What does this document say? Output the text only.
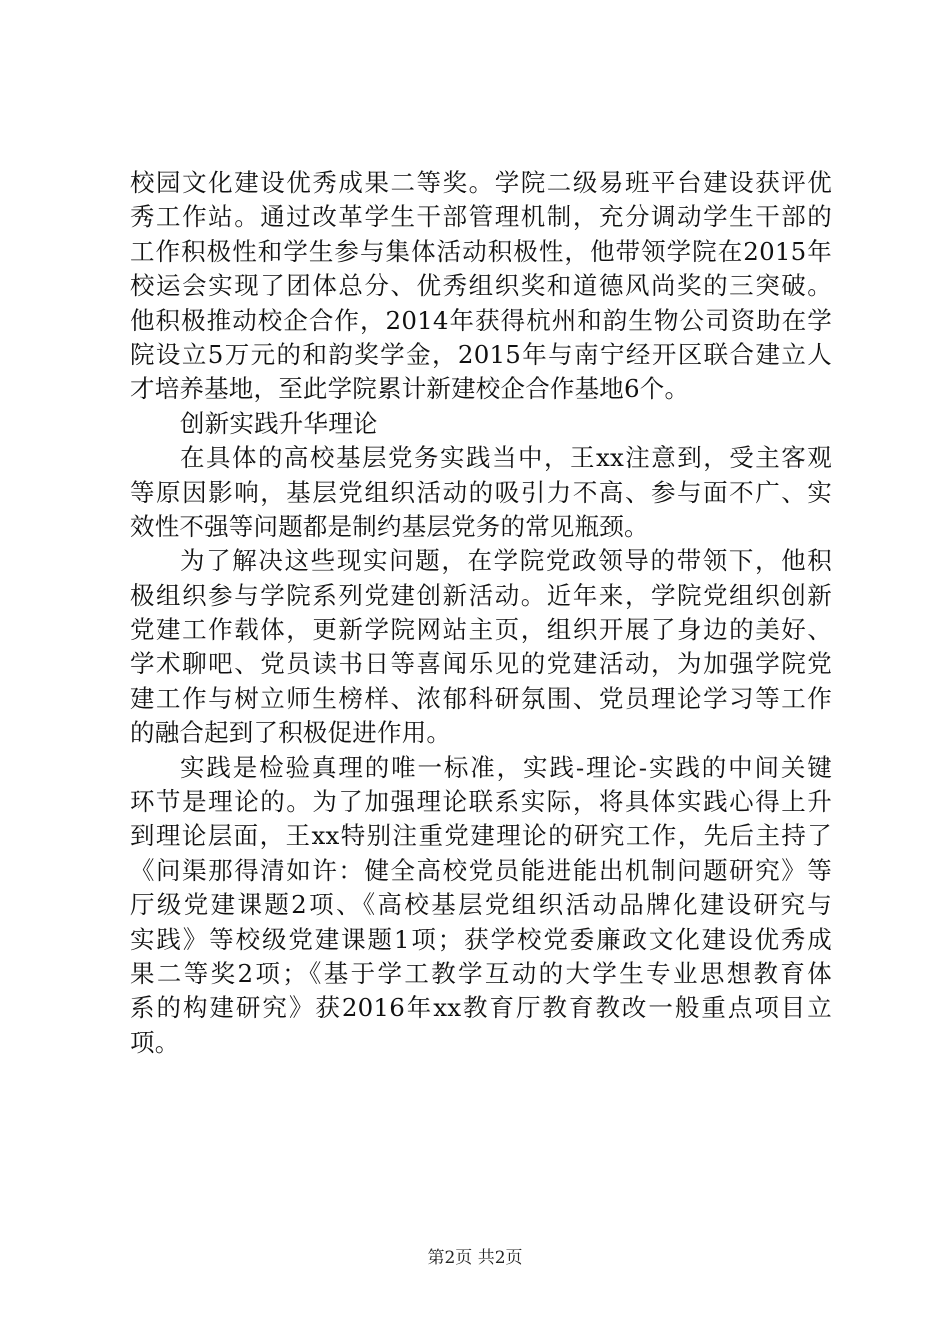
校园文化建设优秀成果二等奖。学院二级易班平台建设获评优
秀工作站。通过改革学生干部管理机制，充分调动学生干部的
工作积极性和学生参与集体活动积极性，他带领学院在2015年
校运会实现了团体总分、优秀组织奖和道德风尚奖的三突破。
他积极推动校企合作，2014年获得杭州和韵生物公司资助在学
院设立5万元的和韵奖学金，2015年与南宁经开区联合建立人
才培养基地，至此学院累计新建校企合作基地6个。
创新实践升华理论
在具体的高校基层党务实践当中，王xx注意到，受主客观
等原因影响，基层党组织活动的吸引力不高、参与面不广、实
效性不强等问题都是制约基层党务的常见瓶颈。
为了解决这些现实问题，在学院党政领导的带领下，他积
极组织参与学院系列党建创新活动。近年来，学院党组织创新
党建工作载体，更新学院网站主页，组织开展了身边的美好、
学术聊吧、党员读书日等喜闻乐见的党建活动，为加强学院党
建工作与树立师生榜样、浓郁科研氛围、党员理论学习等工作
的融合起到了积极促进作用。
实践是检验真理的唯一标准，实践-理论-实践的中间关键
环节是理论的。为了加强理论联系实际，将具体实践心得上升
到理论层面，王xx特别注重党建理论的研究工作，先后主持了
《问渠那得清如许：健全高校党员能进能出机制问题研究》等
厅级党建课题2项、《高校基层党组织活动品牌化建设研究与
实践》等校级党建课题1项；获学校党委廉政文化建设优秀成
果二等奖2项；《基于学工教学互动的大学生专业思想教育体
系的构建研究》获2016年xx教育厅教育教改一般重点项目立
项。
第2页 共2页
